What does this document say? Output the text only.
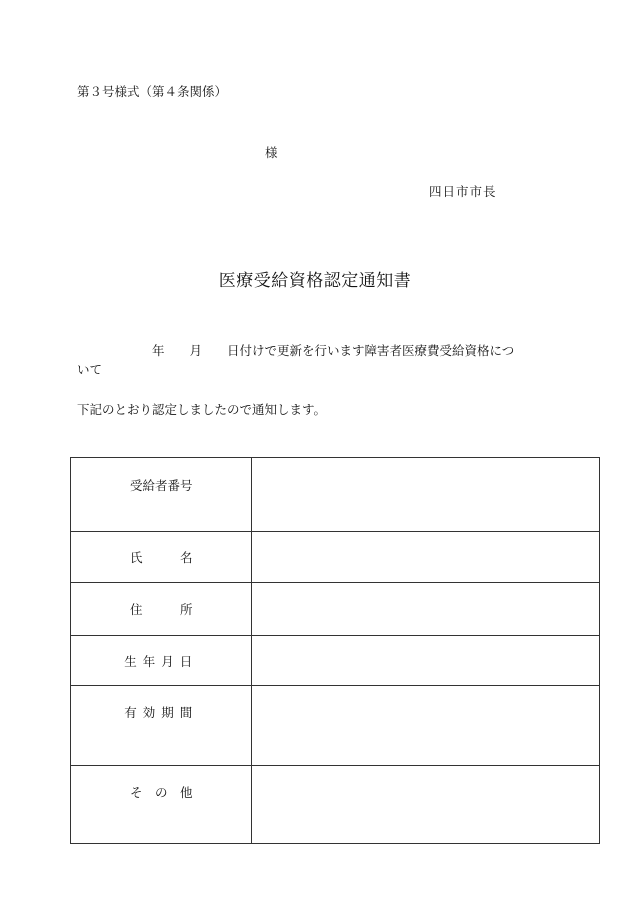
第３号様式（第４条関係）
様
四日市市長
医療受給資格認定通知書
　　　　　　年　　月　　日付けで更新を行います障害者医療費受給資格につ
いて
下記のとおり認定しましたので通知します。
受給者番号	
氏　　　名	
住　　　所	
生年月日	
有効期間	
そ　の　他	
